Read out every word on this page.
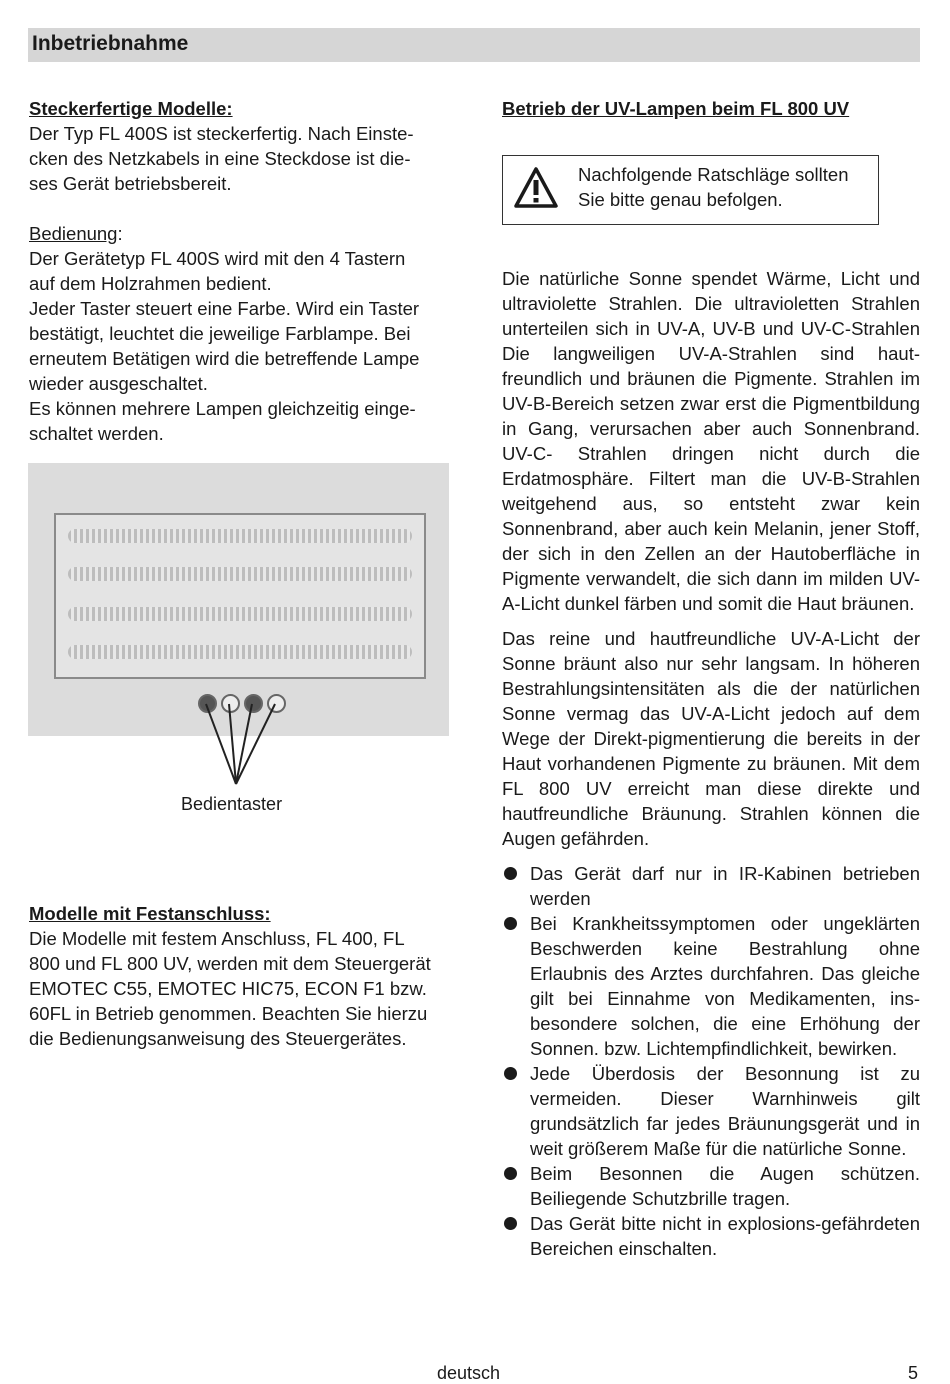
Inbetriebnahme

Steckerfertige Modelle:

Der Typ FL 400S ist steckerfertig. Nach Einste-
cken des Netzkabels in eine Steckdose ist die-
ses Gerät betriebsbereit.

Bedienung:

Der Gerätetyp FL 400S wird mit den 4 Tastern
auf dem Holzrahmen bedient.
Jeder Taster steuert eine Farbe. Wird ein Taster
bestätigt, leuchtet die jeweilige Farblampe. Bei
erneutem Betätigen wird die betreffende Lampe
wieder ausgeschaltet.
Es können mehrere Lampen gleichzeitig einge-
schaltet werden.

Bedientaster

Modelle mit Festanschluss:

Die Modelle mit festem Anschluss, FL 400, FL
800 und FL 800 UV, werden mit dem Steuergerät
EMOTEC C55, EMOTEC HIC75, ECON F1 bzw.
60FL in Betrieb genommen. Beachten Sie hierzu
die Bedienungsanweisung des Steuergerätes.

Betrieb der UV-Lampen beim FL 800 UV

Nachfolgende Ratschläge sollten
Sie bitte genau befolgen.

Die natürliche Sonne spendet Wärme, Licht und ultraviolette Strahlen. Die ultravioletten Strahlen unterteilen sich in UV-A, UV-B und UV-C-Strahlen Die langweiligen UV-A-Strahlen sind haut- freundlich und bräunen die Pigmente. Strahlen im UV-B-Bereich setzen zwar erst die Pigmentbildung in Gang, verursachen aber auch Sonnenbrand. UV-C- Strahlen dringen nicht durch die Erdatmosphäre. Filtert man die UV-B-Strahlen weitgehend aus, so entsteht zwar kein Sonnenbrand, aber auch kein Melanin, jener Stoff, der sich in den Zellen an der Hautoberfläche in Pigmente verwandelt, die sich dann im milden UV-A-Licht dunkel färben und somit die Haut bräunen.

Das reine und hautfreundliche UV-A-Licht der Sonne bräunt also nur sehr langsam. In höheren Bestrahlungsintensitäten als die der natürlichen Sonne vermag das UV-A-Licht jedoch auf dem Wege der Direkt-pigmentierung die bereits in der Haut vorhandenen Pigmente zu bräunen. Mit dem FL 800 UV erreicht man diese direkte und hautfreundliche Bräunung. Strahlen können die Augen gefährden.

Das Gerät darf nur in IR-Kabinen betrieben werden
Bei Krankheitssymptomen oder ungeklärten Beschwerden keine Bestrahlung ohne Erlaubnis des Arztes durchfahren. Das gleiche gilt bei Einnahme von Medikamenten, ins-besondere solchen, die eine Erhöhung der Sonnen. bzw. Lichtempfindlichkeit, bewirken.
Jede Überdosis der Besonnung ist zu vermeiden. Dieser Warnhinweis gilt grundsätzlich far jedes Bräunungsgerät und in weit größerem Maße für die natürliche Sonne.
Beim Besonnen die Augen schützen. Beiliegende Schutzbrille tragen.
Das Gerät bitte nicht in explosions-gefährdeten Bereichen einschalten.
deutsch	5
